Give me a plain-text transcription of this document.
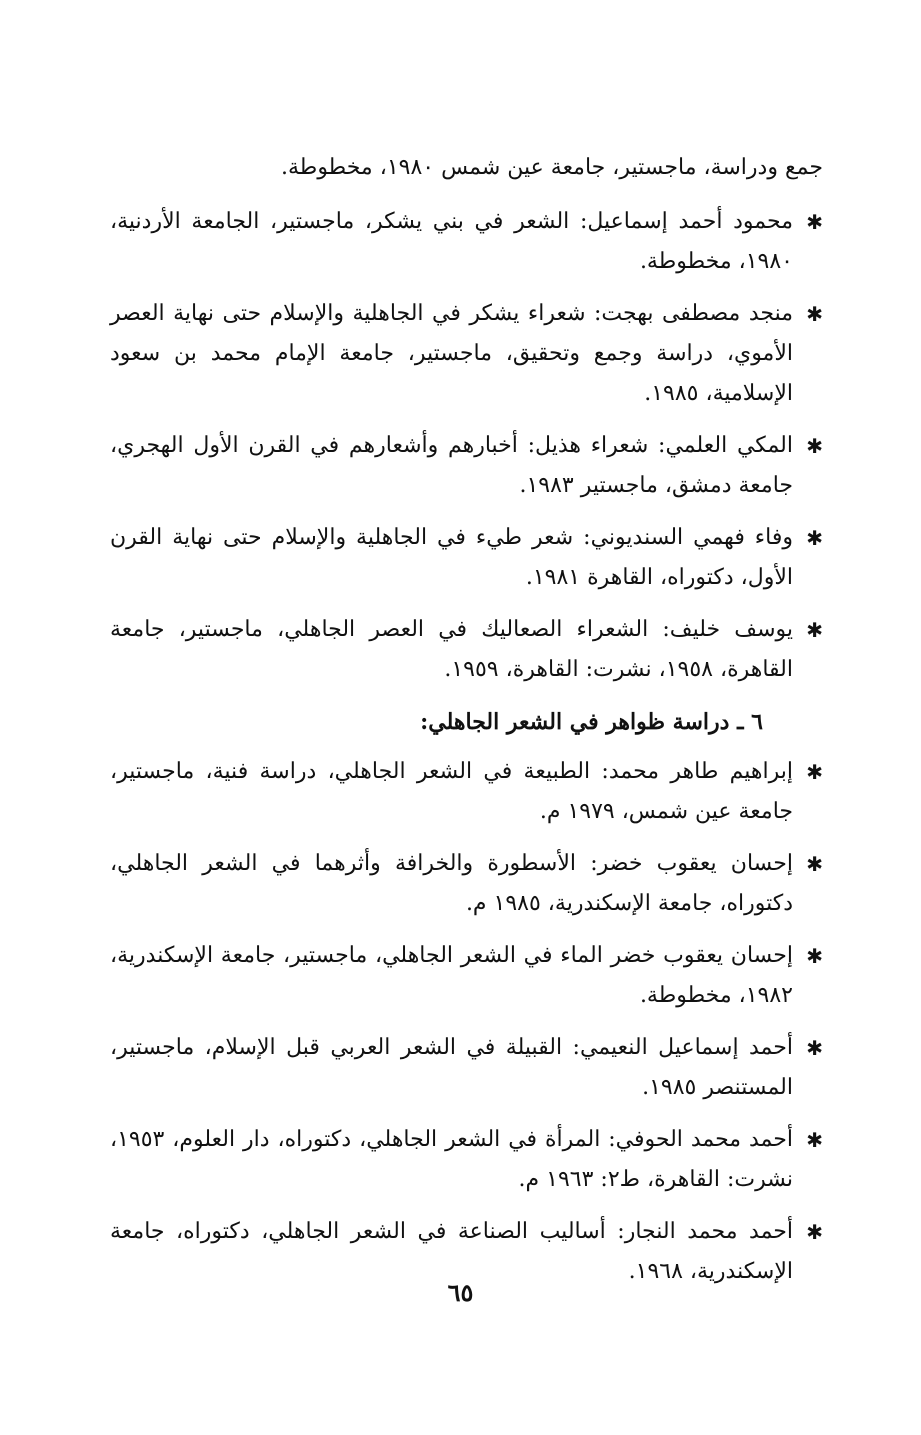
جمع ودراسة، ماجستير، جامعة عين شمس ١٩٨٠، مخطوطة.

✱
محمود أحمد إسماعيل: الشعر في بني يشكر، ماجستير، الجامعة الأردنية، ١٩٨٠، مخطوطة.
✱
منجد مصطفى بهجت: شعراء يشكر في الجاهلية والإسلام حتى نهاية العصر الأموي، دراسة وجمع وتحقيق، ماجستير، جامعة الإمام محمد بن سعود الإسلامية، ١٩٨٥.
✱
المكي العلمي: شعراء هذيل: أخبارهم وأشعارهم في القرن الأول الهجري، جامعة دمشق، ماجستير ١٩٨٣.
✱
وفاء فهمي السنديوني: شعر طيء في الجاهلية والإسلام حتى نهاية القرن الأول، دكتوراه، القاهرة ١٩٨١.
✱
يوسف خليف: الشعراء الصعاليك في العصر الجاهلي، ماجستير، جامعة القاهرة، ١٩٥٨، نشرت: القاهرة، ١٩٥٩.
٦ ـ دراسة ظواهر في الشعر الجاهلي:
✱
إبراهيم طاهر محمد: الطبيعة في الشعر الجاهلي، دراسة فنية، ماجستير، جامعة عين شمس، ١٩٧٩ م.
✱
إحسان يعقوب خضر: الأسطورة والخرافة وأثرهما في الشعر الجاهلي، دكتوراه، جامعة الإسكندرية، ١٩٨٥ م.
✱
إحسان يعقوب خضر الماء في الشعر الجاهلي، ماجستير، جامعة الإسكندرية، ١٩٨٢، مخطوطة.
✱
أحمد إسماعيل النعيمي: القبيلة في الشعر العربي قبل الإسلام، ماجستير، المستنصر ١٩٨٥.
✱
أحمد محمد الحوفي: المرأة في الشعر الجاهلي، دكتوراه، دار العلوم، ١٩٥٣، نشرت: القاهرة، ط٢: ١٩٦٣ م.
✱
أحمد محمد النجار: أساليب الصناعة في الشعر الجاهلي، دكتوراه، جامعة الإسكندرية، ١٩٦٨.
٦٥
